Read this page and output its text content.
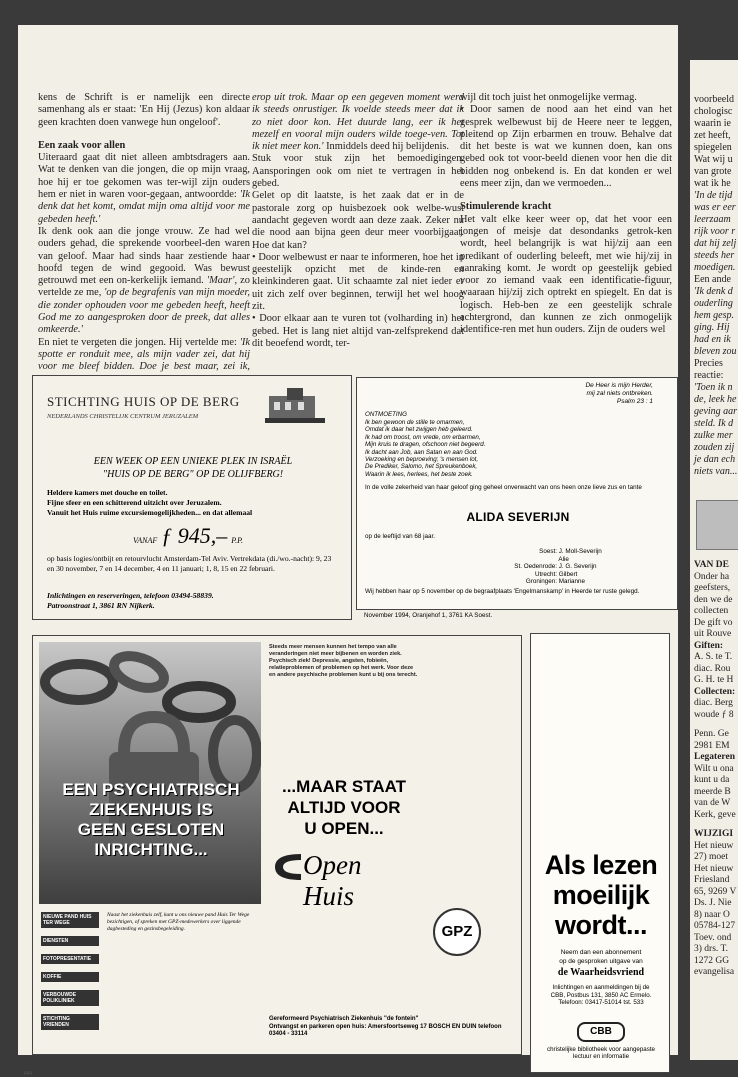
kens de Schrift is er namelijk een directe samenhang als er staat: 'En Hij (Jezus) kon aldaar geen krachten doen vanwege hun ongeloof'.

Een zaak voor allen

Uiteraard gaat dit niet alleen ambtsdragers aan. Wat te denken van die jongen, die op mijn vraag, hoe hij er toe gekomen was ter-wijl zijn ouders hem er niet in waren voor-gegaan, antwoordde: 'Ik denk dat het komt, omdat mijn oma altijd voor me gebeden heeft.'

Ik denk ook aan die jonge vrouw. Ze had wel ouders gehad, die sprekende voorbeel-den waren van geloof. Maar had sinds haar zestiende haar hoofd tegen de wind gegooid. Was bewust getrouwd met een on-kerkelijk iemand. 'Maar', zo vertelde ze me, 'op de begrafenis van mijn moeder, die zonder ophouden voor me gebeden heeft, heeft God me zo aangesproken door de preek, dat alles omkeerde.'

En niet te vergeten die jongen. Hij vertelde me: 'Ik spotte er ronduit mee, als mijn vader zei, dat hij voor me bleef bidden. Doe je best maar, zei ik,

erop uit trok. Maar op een gegeven moment werd ik steeds onrustiger. Ik voelde steeds meer dat ik zo niet door kon. Het duurde lang, eer ik het mezelf en vooral mijn ouders wilde toege-ven. Tot ik niet meer kon.' Inmiddels deed hij belijdenis.

Stuk voor stuk zijn het bemoedigingen. Aansporingen ook om niet te vertragen in het gebed.

Gelet op dit laatste, is het zaak dat er in de pastorale zorg op huisbezoek ook welbe-wust aandacht gegeven wordt aan deze zaak. Zeker nu die nood aan bijna geen deur meer voorbijgaat. Hoe dat kan?

• Door welbewust er naar te informeren, hoe het in geestelijk opzicht met de kinde-ren en kleinkinderen gaat. Uit schaamte zal niet ieder er uit zich zelf over beginnen, terwijl het wel hoog zit.

• Door elkaar aan te vuren tot (volharding in) het gebed. Het is lang niet altijd van-zelfsprekend dat dit beoefend wordt, ter-

wijl dit toch juist het onmogelijke vermag.

• Door samen de nood aan het eind van het gesprek welbewust bij de Heere neer te leggen, pleitend op Zijn erbarmen en trouw. Behalve dat dit het beste is wat we kunnen doen, kan ons gebed ook tot voor-beeld dienen voor hen die dit bidden nog onbekend is. En dat konden er wel eens meer zijn, dan we vermoeden...

Stimulerende kracht

Het valt elke keer weer op, dat het voor een jongen of meisje dat desondanks getrok-ken wordt, heel belangrijk is wat hij/zij aan een predikant of ouderling beleeft, met wie hij/zij in aanraking komt. Je wordt op geestelijk gebied voor zo iemand vaak een identificatie-figuur, waaraan hij/zij zich optrekt en spiegelt. En dat is logisch. Heb-ben ze een geestelijk schrale achtergrond, dan kunnen ze zich onmogelijk identifice-ren met hun ouders. Zijn de ouders wel

STICHTING HUIS OP DE BERG
NEDERLANDS CHRISTELIJK CENTRUM JERUZALEM
EEN WEEK OP EEN UNIEKE PLEK IN ISRAËL
"HUIS OP DE BERG" OP DE OLIJFBERG!
Heldere kamers met douche en toilet.
Fijne sfeer en een schitterend uitzicht over Jeruzalem.
Vanuit het Huis ruime excursiemogelijkheden... en dat allemaal
VANAF ƒ 945,– P.P.
op basis logies/ontbijt en retourvlucht Amsterdam-Tel Aviv. Vertrekdata (di./wo.-nacht): 9, 23 en 30 november, 7 en 14 december, 4 en 11 januari; 1, 8, 15 en 22 februari.
Inlichtingen en reserveringen, telefoon 03494-58839.
Patroonstraat 1, 3861 RN Nijkerk.
De Heer is mijn Herder,
mij zal niets ontbreken.
Psalm 23 : 1
ONTMOETING
Ik ben gewoon de stille te omarmen,
Omdat ik daar het zwijgen heb geleerd.
Ik had om troost, om vrede, om erbarmen,
Mijn kruis te dragen, ofschoon niet begeerd.
Ik dacht aan Job, aan Satan en aan God.
Verzoeking en beproeving; 's mensen lot,
De Prediker, Salomo, het Spreukenboek,
Waarin ik lees, herlees, het beste zoek.
In de volle zekerheid van haar geloof ging geheel onverwacht van ons heen onze lieve zus en tante
ALIDA SEVERIJN
op de leeftijd van 68 jaar.
Soest: J. Moll-Severijn
Alie
St. Oedenrode: J. G. Severijn
Utrecht: Gilbert
Groningen: Marianne
Wij hebben haar op 5 november op de begraafplaats 'Engelmanskamp' in Heerde ter ruste gelegd.
November 1994, Oranjehof 1, 3761 KA Soest.
EEN PSYCHIATRISCH
ZIEKENHUIS IS
GEEN GESLOTEN
INRICHTING...
NIEUWE PAND HUIS TER WEGE
DIENSTEN
FOTOPRESENTATIE
KOFFIE
VERBOUWDE POLIKLINIEK
STICHTING VRIENDEN
Naast het ziekenhuis zelf, kunt u ons nieuwe pand Huis Ter Wege bezichtigen, of spreken met GPZ-medewerkers over liggende dagbesteding en gezinsbegeleiding.
Steeds meer mensen kunnen het tempo van alle veranderingen niet meer bijbenen en worden ziek. Psychisch ziek! Depressie, angsten, fobieën, relatieproblemen of problemen op het werk. Voor deze en andere psychische problemen kunt u bij ons terecht.
...MAAR STAAT
ALTIJD VOOR
U OPEN...
Open Huis
GPZ
Gereformeerd Psychiatrisch Ziekenhuis "de fontein"
Ontvangst en parkeren open huis: Amersfoortseweg 17 BOSCH EN DUIN telefoon 03404 - 33114
Als lezen
moeilijk
wordt...
Neem dan een abonnement
op de gesproken uitgave van
de Waarheidsvriend
Inlichtingen en aanmeldingen bij de CBB, Postbus 131, 3850 AC Ermelo. Telefoon: 03417-51014 tst. 533
CBB
christelijke bibliotheek voor aangepaste lectuur en informatie
844
voorbeeld
chologisc
waarin ie
zet heeft,
spiegelen
Wat wij u
van grote
wat ik he
'In de tijd
was er eer
leerzaam
rijk voor r
dat hij zelj
steeds her
moedigen.
Een ande
'Ik denk d
ouderling
hem gesp.
ging. Hij
had en ik
bleven zou
Precies
reactie:
'Toen ik n
de, leek he
geving aar
steld. Ik d
zulke mer
zouden zij
je dan ech
niets van...
VAN DE
Onder ha
geefsters,
den we de
collecten
De gift vo
uit Rouve
Giften:
A. S. te T.
diac. Rou
G. H. te H
Collecten:
diac. Berg
woude ƒ 8
Penn. Ge
2981 EM
Legateren
Wilt u ona
kunt u da
meerde B
van de W
Kerk, geve
WIJZIGI
Het nieuw
27) moet
Het nieuw
Friesland
65, 9269 V
Ds. J. Nie
8) naar O
05784-127
Toev. ond
3) drs. T.
1272 GG
evangelisa
